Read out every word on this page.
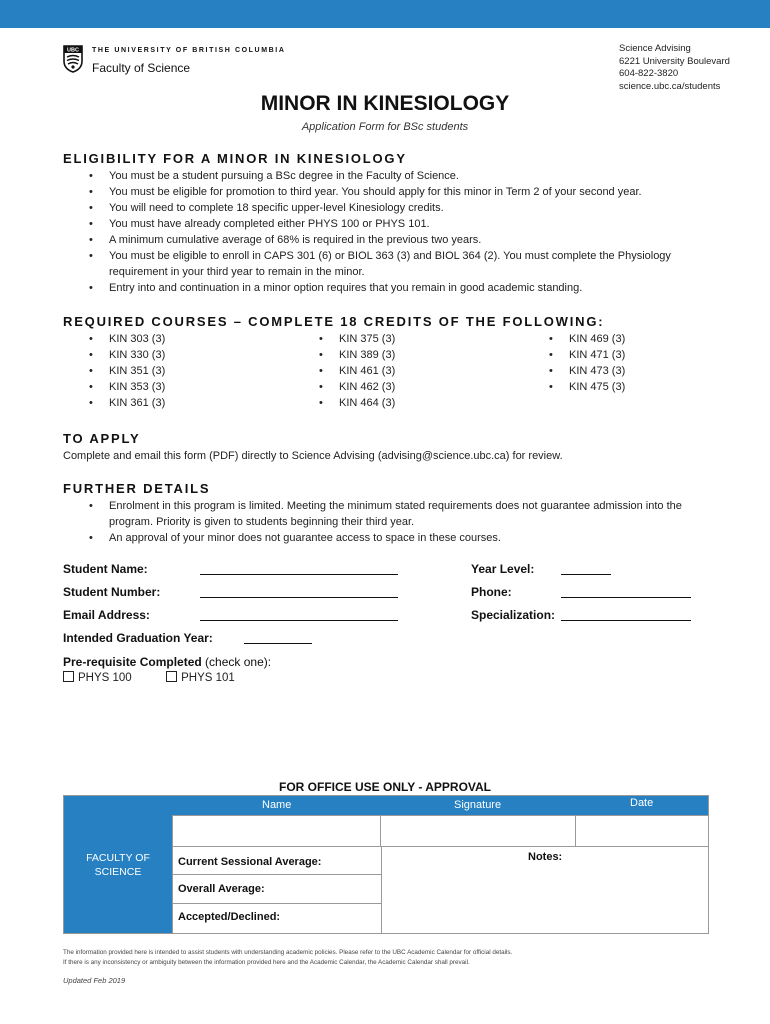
UBC THE UNIVERSITY OF BRITISH COLUMBIA
Faculty of Science
Science Advising
6221 University Boulevard
604-822-3820
science.ubc.ca/students
MINOR IN KINESIOLOGY
Application Form for BSc students
ELIGIBILITY FOR A MINOR IN KINESIOLOGY
• You must be a student pursuing a BSc degree in the Faculty of Science.
• You must be eligible for promotion to third year. You should apply for this minor in Term 2 of your second year.
• You will need to complete 18 specific upper-level Kinesiology credits.
• You must have already completed either PHYS 100 or PHYS 101.
• A minimum cumulative average of 68% is required in the previous two years.
• You must be eligible to enroll in CAPS 301 (6) or BIOL 363 (3) and BIOL 364 (2). You must complete the Physiology requirement in your third year to remain in the minor.
• Entry into and continuation in a minor option requires that you remain in good academic standing.
REQUIRED COURSES – COMPLETE 18 CREDITS OF THE FOLLOWING:
• KIN 303 (3)
• KIN 330 (3)
• KIN 351 (3)
• KIN 353 (3)
• KIN 361 (3)
• KIN 375 (3)
• KIN 389 (3)
• KIN 461 (3)
• KIN 462 (3)
• KIN 464 (3)
• KIN 469 (3)
• KIN 471 (3)
• KIN 473 (3)
• KIN 475 (3)
TO APPLY
Complete and email this form (PDF) directly to Science Advising (advising@science.ubc.ca) for review.
FURTHER DETAILS
• Enrolment in this program is limited. Meeting the minimum stated requirements does not guarantee admission into the program. Priority is given to students beginning their third year.
• An approval of your minor does not guarantee access to space in these courses.
Student Name:
Student Number:
Email Address:
Year Level:
Phone:
Specialization:
Intended Graduation Year:
Pre-requisite Completed (check one):
PHYS 100	PHYS 101
FOR OFFICE USE ONLY - APPROVAL
Name	Signature	Date
FACULTY OF
SCIENCE
Notes:
Current Sessional Average:
Overall Average:
Accepted/Declined:
The information provided here is intended to assist students with understanding academic policies. Please refer to the UBC Academic Calendar for official details.
If there is any inconsistency or ambiguity between the information provided here and the Academic Calendar, the Academic Calendar shall prevail.
Updated Feb 2019
